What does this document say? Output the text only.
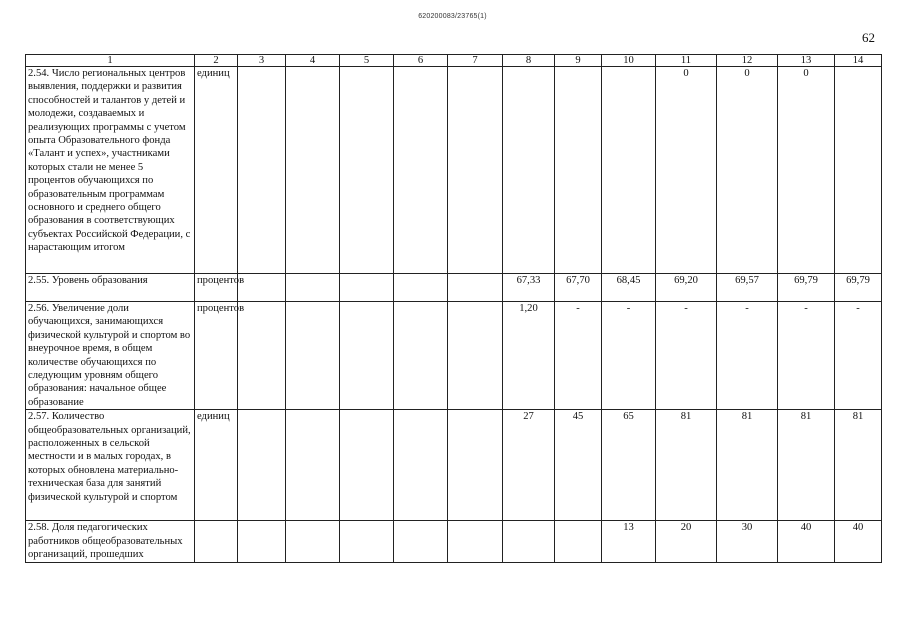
620200083/23765(1)
62
1	2	3	4	5	6	7	8	9	10	11	12	13	14
2.54. Число региональных центров выявления, поддержки и развития способностей и талантов у детей и молодежи, создаваемых и реализующих программы с учетом опыта Образовательного фонда «Талант и успех», участниками которых стали не менее 5 процентов обучающихся по образовательным программам основного и среднего общего образования в соответствующих субъектах Российской Федерации, с нарастающим итогом	единиц									0	0	0	
2.55. Уровень образования	процентов						67,33	67,70	68,45	69,20	69,57	69,79	69,79
2.56. Увеличение доли обучающихся, занимающихся физической культурой и спортом во внеурочное время, в общем количестве обучающихся по следующим уровням общего образования: начальное общее образование	процентов						1,20	-	-	-	-	-	-
2.57. Количество общеобразовательных организаций, расположенных в сельской местности и в малых городах, в которых обновлена материально-техническая база для занятий физической культурой и спортом	единиц						27	45	65	81	81	81	81
2.58. Доля педагогических работников общеобразовательных организаций, прошедших									13	20	30	40	40
